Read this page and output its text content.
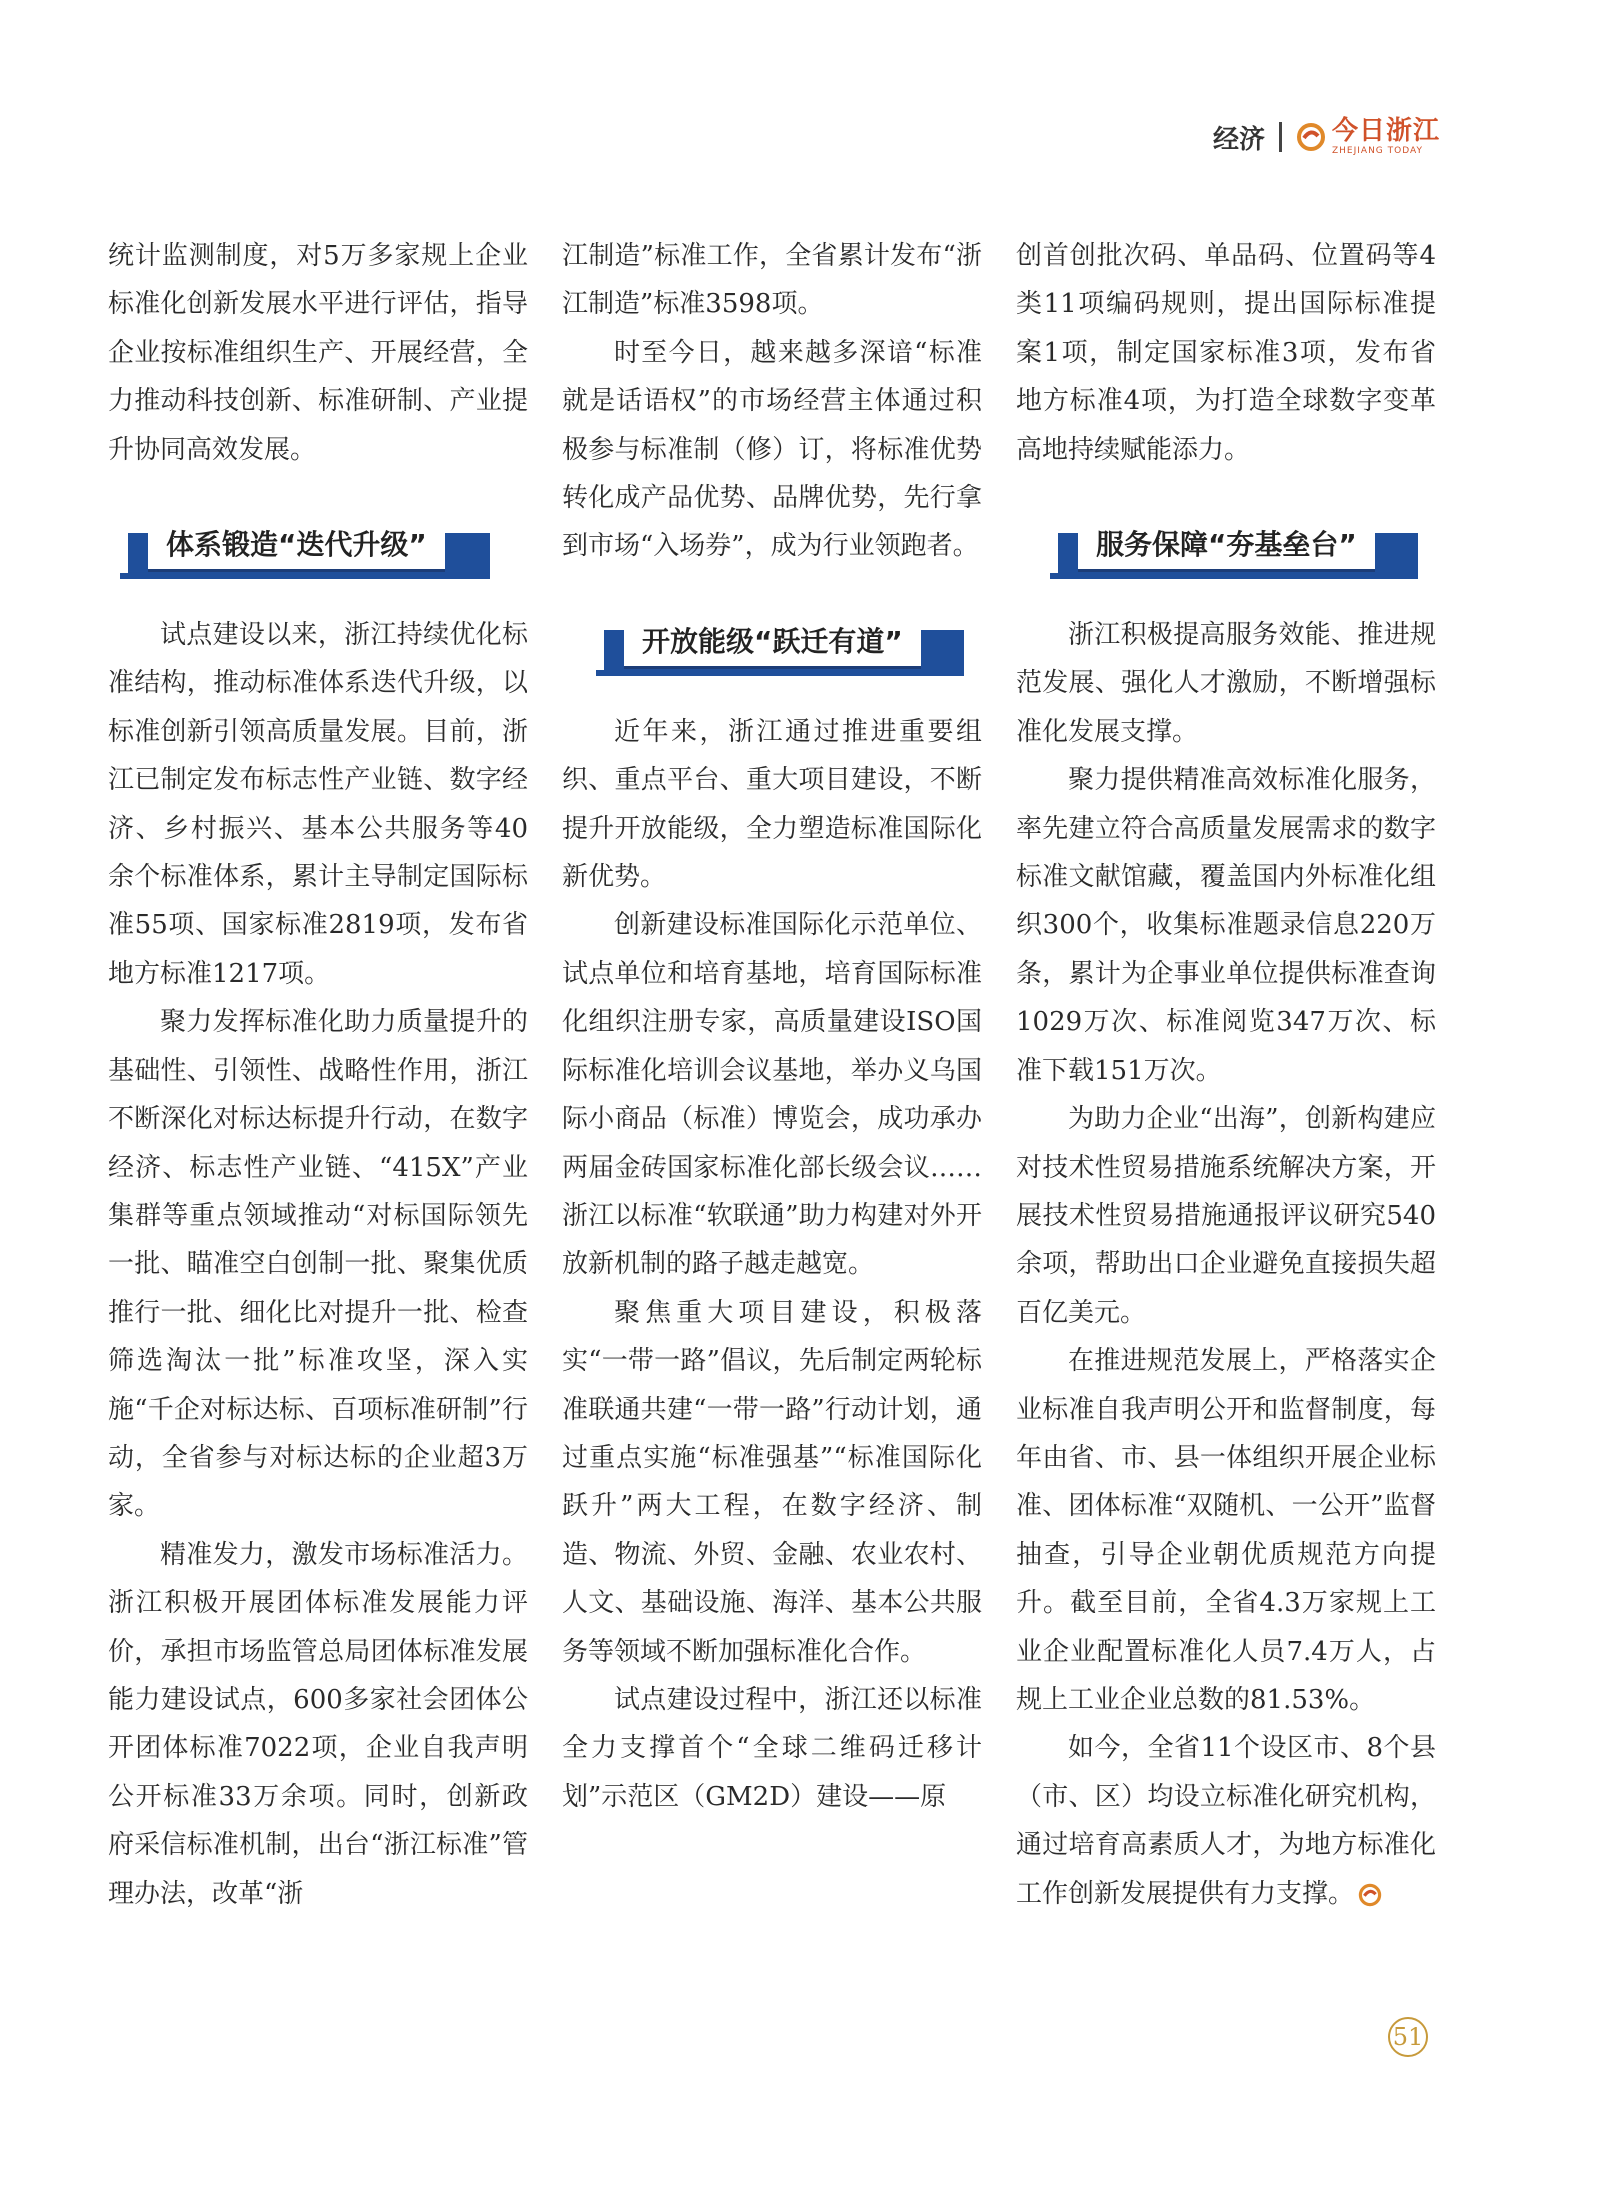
经济	今日浙江
ZHEJIANG TODAY

统计监测制度，对5万多家规上企业标准化创新发展水平进行评估，指导企业按标准组织生产、开展经营，全力推动科技创新、标准研制、产业提升协同高效发展。

体系锻造“迭代升级”

试点建设以来，浙江持续优化标准结构，推动标准体系迭代升级，以标准创新引领高质量发展。目前，浙江已制定发布标志性产业链、数字经济、乡村振兴、基本公共服务等40余个标准体系，累计主导制定国际标准55项、国家标准2819项，发布省地方标准1217项。

聚力发挥标准化助力质量提升的基础性、引领性、战略性作用，浙江不断深化对标达标提升行动，在数字经济、标志性产业链、“415X”产业集群等重点领域推动“对标国际领先一批、瞄准空白创制一批、聚集优质推行一批、细化比对提升一批、检查筛选淘汰一批”标准攻坚，深入实施“千企对标达标、百项标准研制”行动，全省参与对标达标的企业超3万家。

精准发力，激发市场标准活力。浙江积极开展团体标准发展能力评价，承担市场监管总局团体标准发展能力建设试点，600多家社会团体公开团体标准7022项，企业自我声明公开标准33万余项。同时，创新政府采信标准机制，出台“浙江标准”管理办法，改革“浙

江制造”标准工作，全省累计发布“浙江制造”标准3598项。

时至今日，越来越多深谙“标准就是话语权”的市场经营主体通过积极参与标准制（修）订，将标准优势转化成产品优势、品牌优势，先行拿到市场“入场券”，成为行业领跑者。

开放能级“跃迁有道”

近年来，浙江通过推进重要组织、重点平台、重大项目建设，不断提升开放能级，全力塑造标准国际化新优势。

创新建设标准国际化示范单位、试点单位和培育基地，培育国际标准化组织注册专家，高质量建设ISO国际标准化培训会议基地，举办义乌国际小商品（标准）博览会，成功承办两届金砖国家标准化部长级会议……浙江以标准“软联通”助力构建对外开放新机制的路子越走越宽。

聚焦重大项目建设，积极落实“一带一路”倡议，先后制定两轮标准联通共建“一带一路”行动计划，通过重点实施“标准强基”“标准国际化跃升”两大工程，在数字经济、制造、物流、外贸、金融、农业农村、人文、基础设施、海洋、基本公共服务等领域不断加强标准化合作。

试点建设过程中，浙江还以标准全力支撑首个“全球二维码迁移计划”示范区（GM2D）建设——原

创首创批次码、单品码、位置码等4类11项编码规则，提出国际标准提案1项，制定国家标准3项，发布省地方标准4项，为打造全球数字变革高地持续赋能添力。

服务保障“夯基垒台”

浙江积极提高服务效能、推进规范发展、强化人才激励，不断增强标准化发展支撑。

聚力提供精准高效标准化服务，率先建立符合高质量发展需求的数字标准文献馆藏，覆盖国内外标准化组织300个，收集标准题录信息220万条，累计为企事业单位提供标准查询1029万次、标准阅览347万次、标准下载151万次。

为助力企业“出海”，创新构建应对技术性贸易措施系统解决方案，开展技术性贸易措施通报评议研究540余项，帮助出口企业避免直接损失超百亿美元。

在推进规范发展上，严格落实企业标准自我声明公开和监督制度，每年由省、市、县一体组织开展企业标准、团体标准“双随机、一公开”监督抽查，引导企业朝优质规范方向提升。截至目前，全省4.3万家规上工业企业配置标准化人员7.4万人，占规上工业企业总数的81.53%。

如今，全省11个设区市、8个县（市、区）均设立标准化研究机构，通过培育高素质人才，为地方标准化工作创新发展提供有力支撑。

51
